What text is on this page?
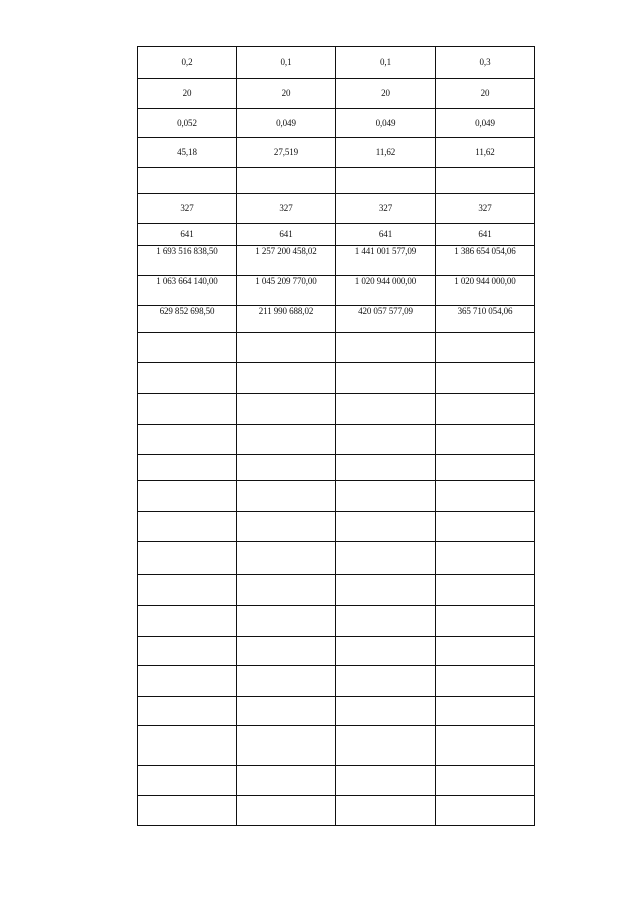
0,2	0,1	0,1	0,3
20	20	20	20
0,052	0,049	0,049	0,049
45,18	27,519	11,62	11,62

327	327	327	327
641	641	641	641
1 693 516 838,50	1 257 200 458,02	1 441 001 577,09	1 386 654 054,06
1 063 664 140,00	1 045 209 770,00	1 020 944 000,00	1 020 944 000,00
629 852 698,50	211 990 688,02	420 057 577,09	365 710 054,06
